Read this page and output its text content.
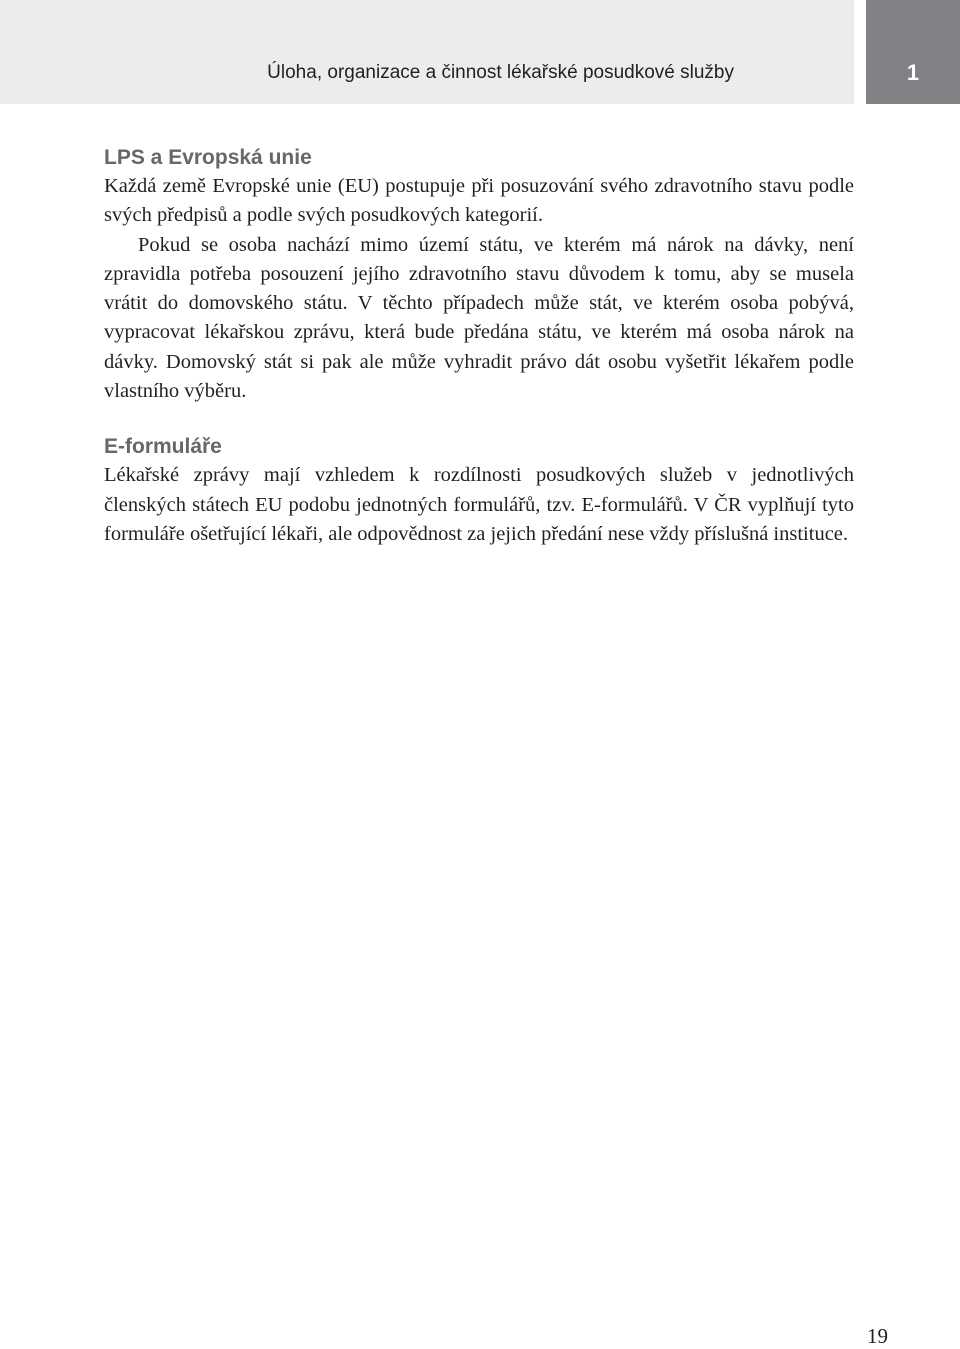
Úloha, organizace a činnost lékařské posudkové služby	1
LPS a Evropská unie

Každá země Evropské unie (EU) postupuje při posuzování svého zdravotního stavu podle svých předpisů a podle svých posudkových kategorií.

Pokud se osoba nachází mimo území státu, ve kterém má nárok na dávky, není zpravidla potřeba posouzení jejího zdravotního stavu důvodem k tomu, aby se musela vrátit do domovského státu. V těchto případech může stát, ve kterém osoba pobývá, vypracovat lékařskou zprávu, která bude předána státu, ve kterém má osoba nárok na dávky. Domovský stát si pak ale může vyhradit právo dát osobu vyšetřit lékařem podle vlastního výběru.

E-formuláře

Lékařské zprávy mají vzhledem k rozdílnosti posudkových služeb v jednotlivých členských státech EU podobu jednotných formulářů, tzv. E-formulářů. V ČR vyplňují tyto formuláře ošetřující lékaři, ale odpovědnost za jejich předání nese vždy příslušná instituce.

19
